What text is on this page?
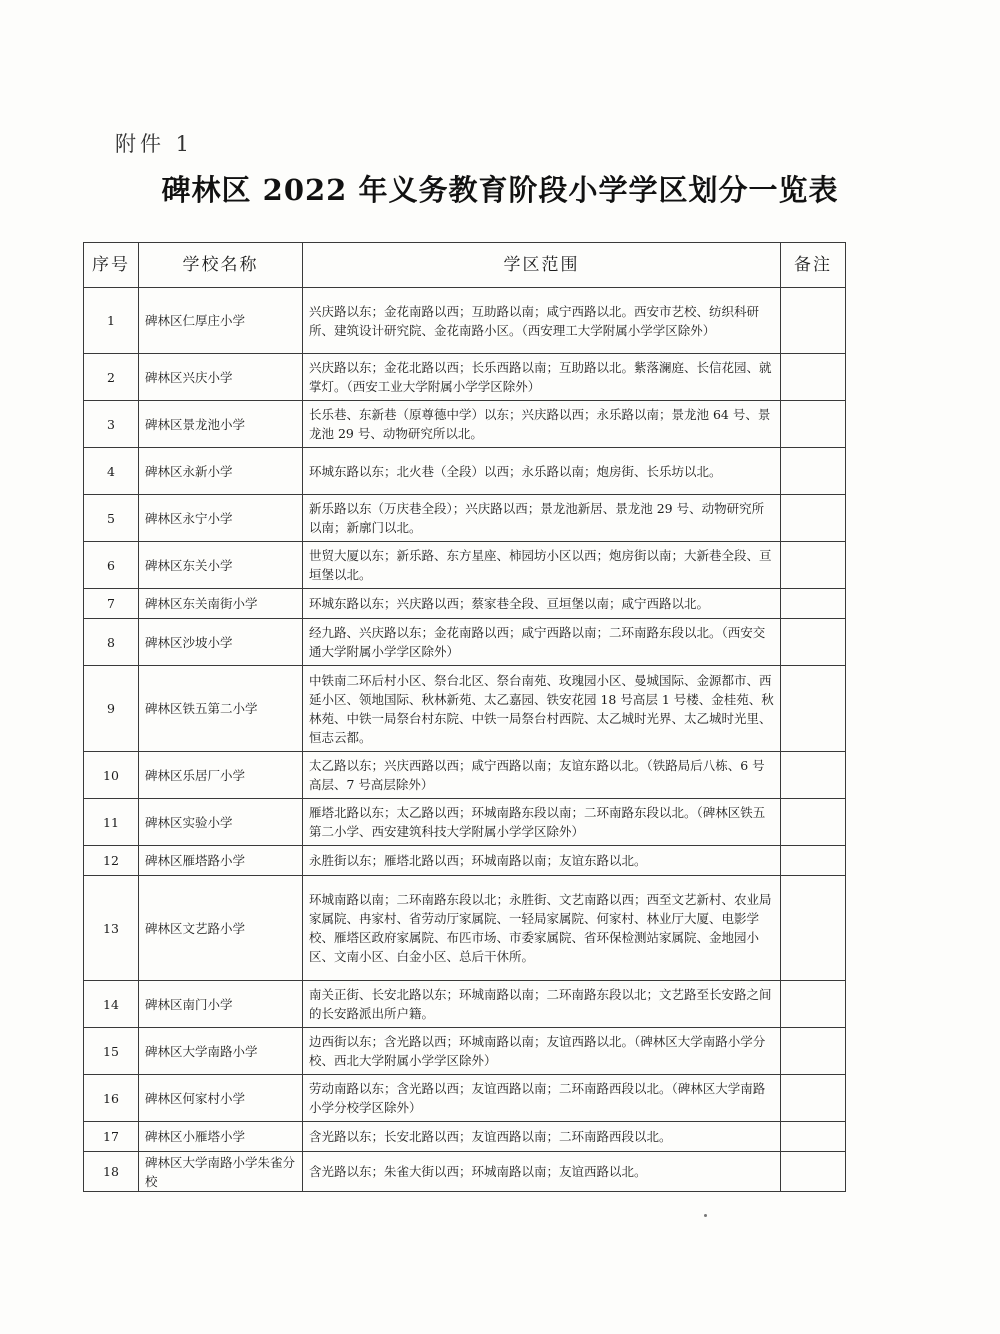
附件 1
碑林区 2022 年义务教育阶段小学学区划分一览表
序号	学校名称	学区范围	备注
1	碑林区仁厚庄小学	兴庆路以东；金花南路以西；互助路以南；咸宁西路以北。西安市艺校、纺织科研所、建筑设计研究院、金花南路小区。（西安理工大学附属小学学区除外）	
2	碑林区兴庆小学	兴庆路以东；金花北路以西；长乐西路以南；互助路以北。紫落澜庭、长信花园、就掌灯。（西安工业大学附属小学学区除外）	
3	碑林区景龙池小学	长乐巷、东新巷（原尊德中学）以东；兴庆路以西；永乐路以南；景龙池 64 号、景龙池 29 号、动物研究所以北。	
4	碑林区永新小学	环城东路以东；北火巷（全段）以西；永乐路以南；炮房街、长乐坊以北。	
5	碑林区永宁小学	新乐路以东（万庆巷全段）；兴庆路以西；景龙池新居、景龙池 29 号、动物研究所以南；新廓门以北。	
6	碑林区东关小学	世贸大厦以东；新乐路、东方星座、柿园坊小区以西；炮房街以南；大新巷全段、亘垣堡以北。	
7	碑林区东关南街小学	环城东路以东；兴庆路以西；蔡家巷全段、亘垣堡以南；咸宁西路以北。	
8	碑林区沙坡小学	经九路、兴庆路以东；金花南路以西；咸宁西路以南；二环南路东段以北。（西安交通大学附属小学学区除外）	
9	碑林区铁五第二小学	中铁南二环后村小区、祭台北区、祭台南苑、玫瑰园小区、曼城国际、金源都市、西延小区、领地国际、秋林新苑、太乙嘉园、铁安花园 18 号高层 1 号楼、金桂苑、秋林苑、中铁一局祭台村东院、中铁一局祭台村西院、太乙城时光界、太乙城时光里、恒志云都。	
10	碑林区乐居厂小学	太乙路以东；兴庆西路以西；咸宁西路以南；友谊东路以北。（铁路局后八栋、6 号高层、7 号高层除外）	
11	碑林区实验小学	雁塔北路以东；太乙路以西；环城南路东段以南；二环南路东段以北。（碑林区铁五第二小学、西安建筑科技大学附属小学学区除外）	
12	碑林区雁塔路小学	永胜街以东；雁塔北路以西；环城南路以南；友谊东路以北。	
13	碑林区文艺路小学	环城南路以南；二环南路东段以北；永胜街、文艺南路以西；西至文艺新村、农业局家属院、冉家村、省劳动厅家属院、一轻局家属院、何家村、林业厅大厦、电影学校、雁塔区政府家属院、布匹市场、市委家属院、省环保检测站家属院、金地园小区、文南小区、白金小区、总后干休所。	
14	碑林区南门小学	南关正街、长安北路以东；环城南路以南；二环南路东段以北；文艺路至长安路之间的长安路派出所户籍。	
15	碑林区大学南路小学	边西街以东；含光路以西；环城南路以南；友谊西路以北。（碑林区大学南路小学分校、西北大学附属小学学区除外）	
16	碑林区何家村小学	劳动南路以东；含光路以西；友谊西路以南；二环南路西段以北。（碑林区大学南路小学分校学区除外）	
17	碑林区小雁塔小学	含光路以东；长安北路以西；友谊西路以南；二环南路西段以北。	
18	碑林区大学南路小学朱雀分校	含光路以东；朱雀大街以西；环城南路以南；友谊西路以北。	
